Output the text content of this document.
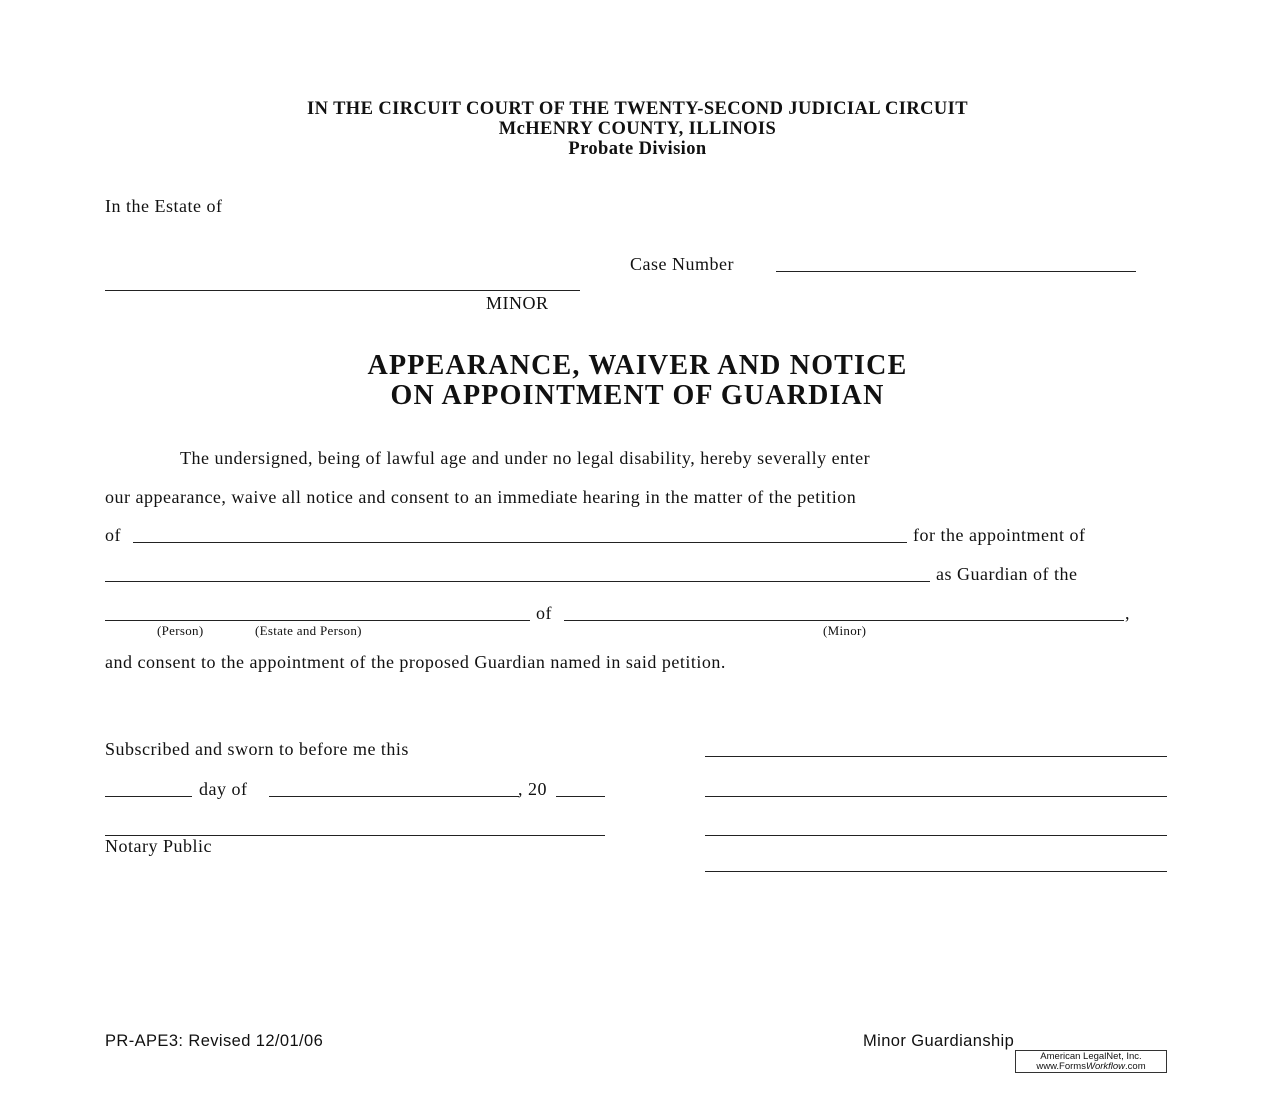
IN THE CIRCUIT COURT OF THE TWENTY-SECOND JUDICIAL CIRCUIT
McHENRY COUNTY, ILLINOIS
Probate Division
In the Estate of
Case Number
MINOR
APPEARANCE, WAIVER AND NOTICE
ON APPOINTMENT OF GUARDIAN
The undersigned, being of lawful age and under no legal disability, hereby severally enter
our appearance, waive all notice and consent to an immediate hearing in the matter of the petition
of	for the appointment of
as Guardian of the
of	,
(Person)	(Estate and Person)	(Minor)
and consent to the appointment of the proposed Guardian named in said petition.
Subscribed and sworn to before me this
day of	, 20
Notary Public
PR-APE3: Revised 12/01/06	Minor Guardianship
American LegalNet, Inc.
www.FormsWorkflow.com
